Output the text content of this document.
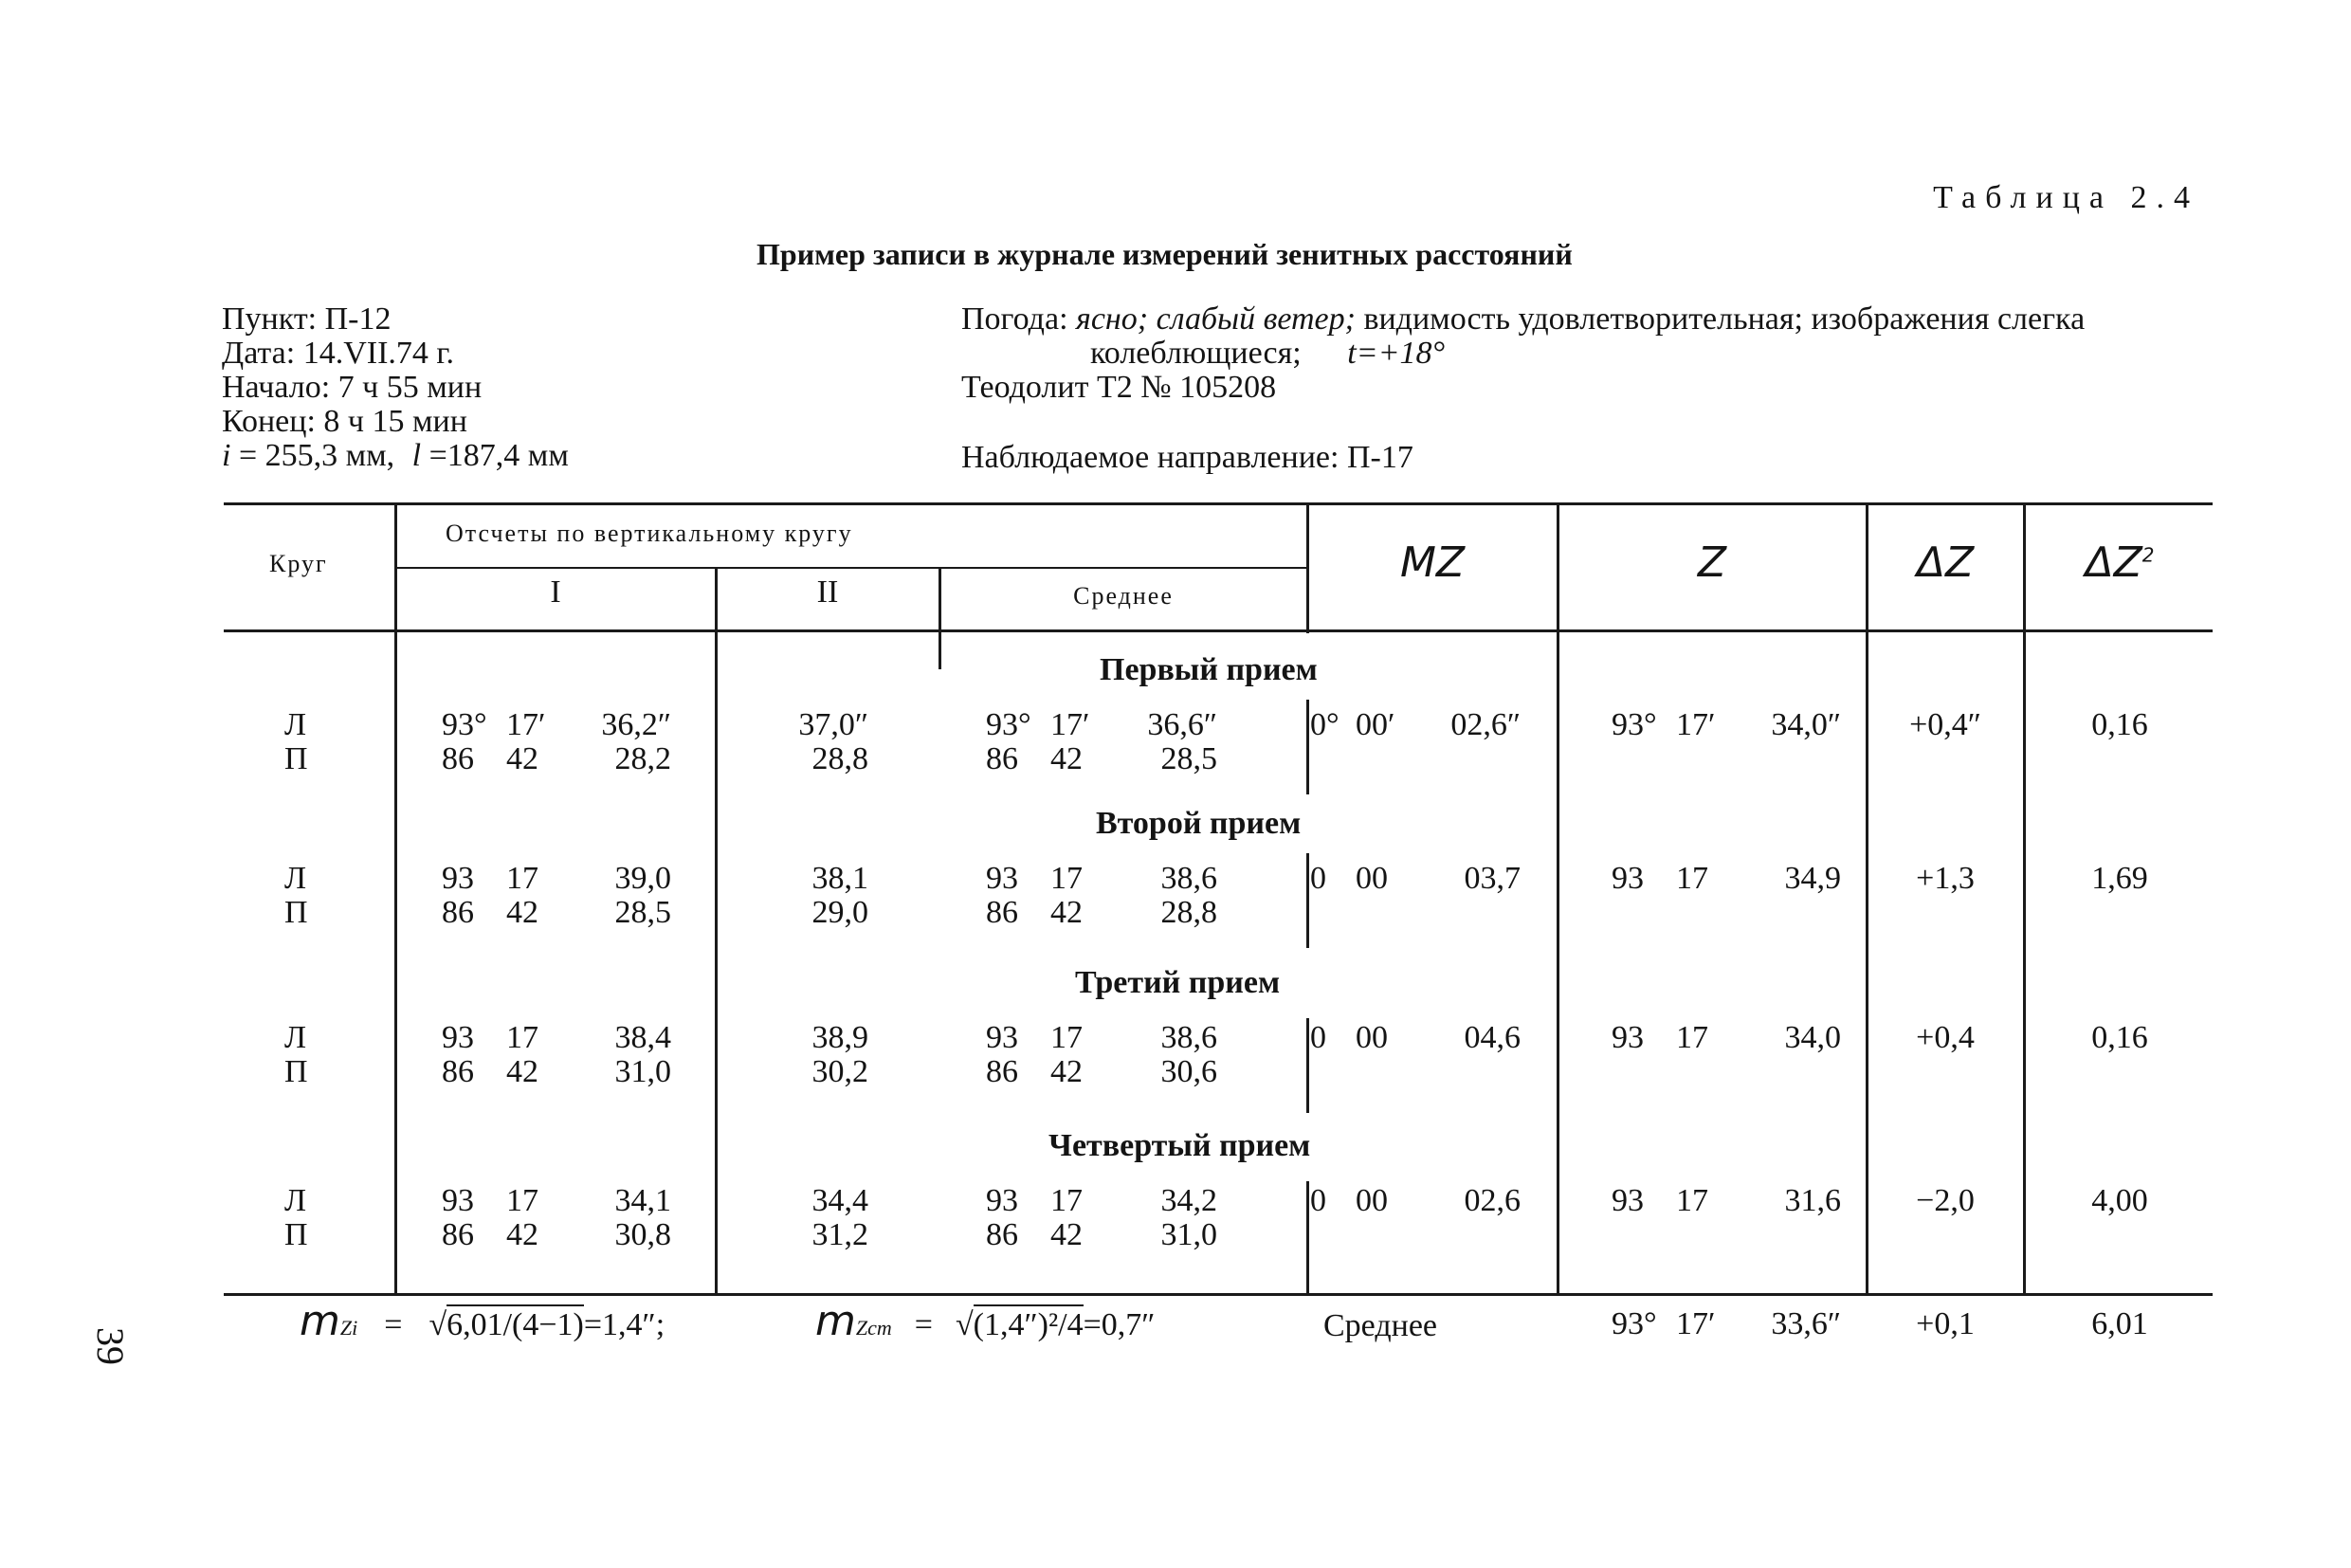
Таблица 2.4
Пример записи в журнале измерений зенитных расстояний
Пункт: П-12
Дата: 14.VII.74 г.
Начало: 7 ч 55 мин
Конец: 8 ч 15 мин
i = 255,3 мм, l =187,4 мм
Погода: ясно; слабый ветер; видимость удовлетворительная; изображения слегка
колеблющиеся; t=+18°
Теодолит Т2 № 105208
Наблюдаемое направление: П-17
Круг
Отсчеты по вертикальному кругу
I	II	Среднее
MZ	Z	ΔZ	$\Delta Z^2$
Первый прием
Л	93° 17′	36,2″	37,0″	93° 17′	36,6″	0° 00′	02,6″	93° 17′	34,0″	+0,4″	0,16
П	86 42	28,2	28,8	86 42	28,5
Второй прием
Л	93 17	39,0	38,1	93 17	38,6	0 00	03,7	93 17	34,9	+1,3	1,69
П	86 42	28,5	29,0	86 42	28,8
Третий прием
Л	93 17	38,4	38,9	93 17	38,6	0 00	04,6	93 17	34,0	+0,4	0,16
П	86 42	31,0	30,2	86 42	30,6
Четвертый прием
Л	93 17	34,1	34,4	93 17	34,2	0 00	02,6	93 17	31,6	−2,0	4,00
П	86 42	30,8	31,2	86 42	31,0
mZi = √6,01/(4−1)=1,4″;	mZст = √(1,4″)²/4=0,7″	Среднее	93° 17′	33,6″	+0,1	6,01
39
